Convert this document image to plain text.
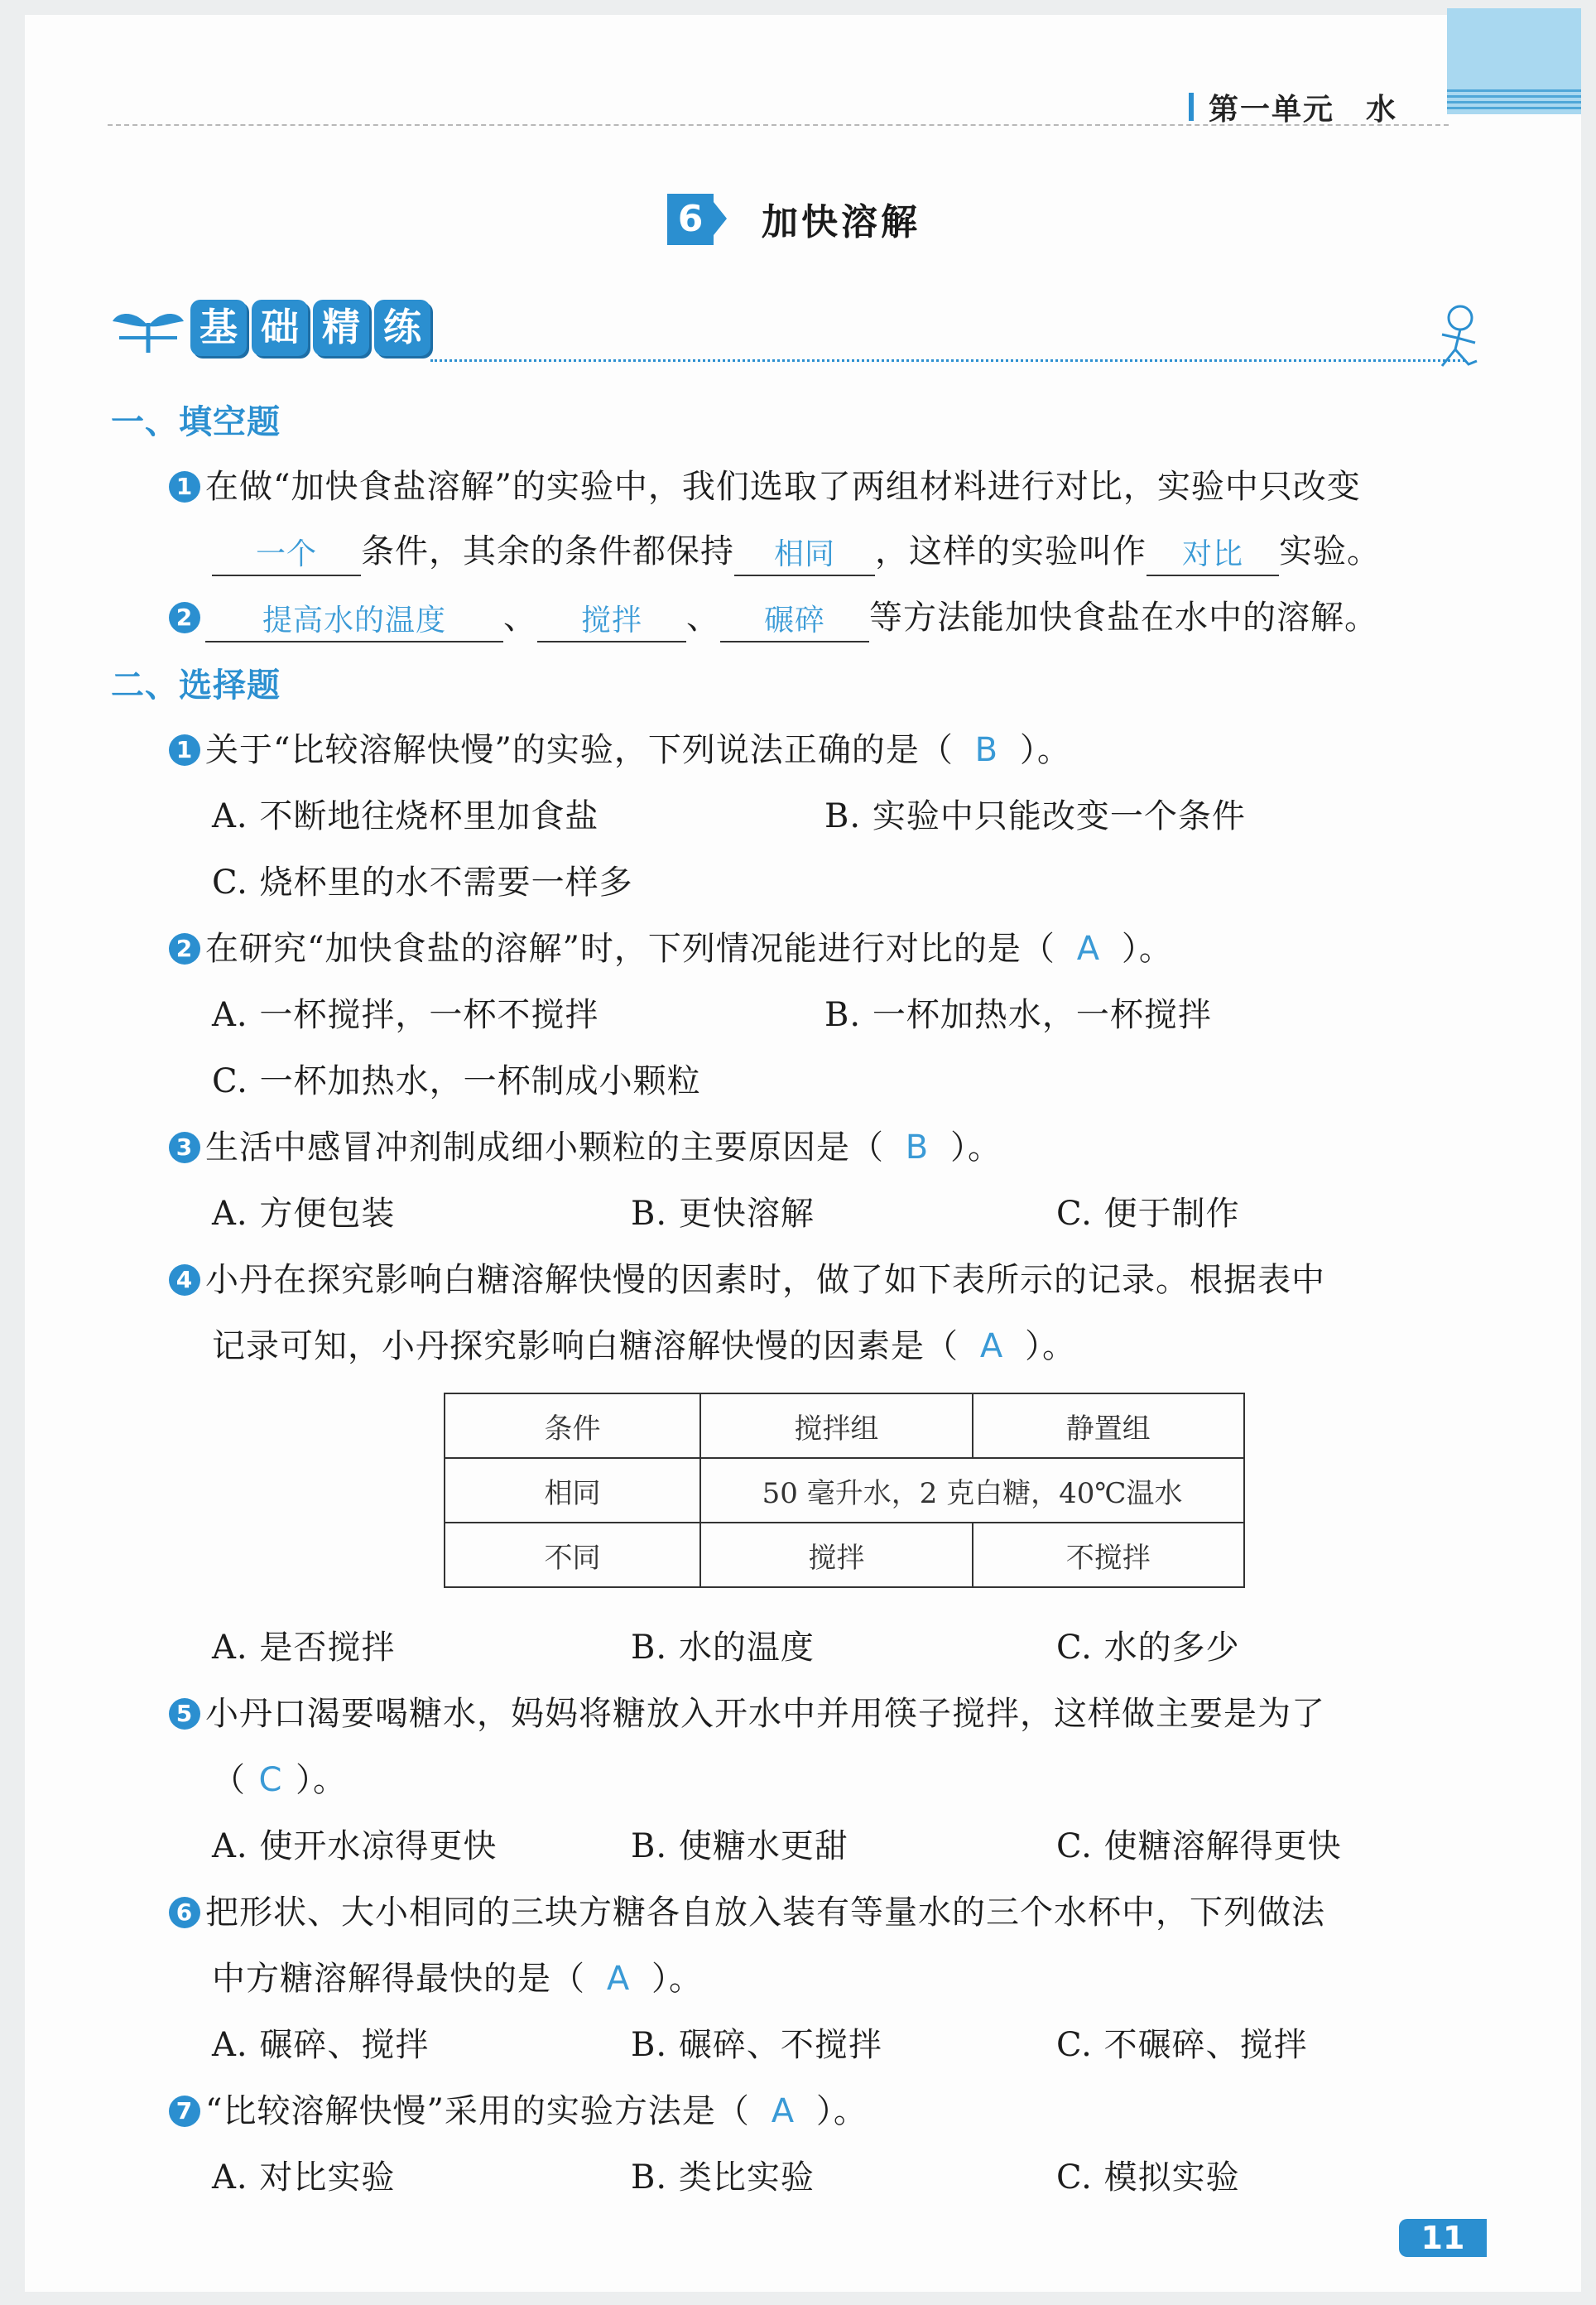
第一单元　水
6 加快溶解
基 础 精 练
一、填空题
1 在做“加快食盐溶解”的实验中，我们选取了两组材料进行对比，实验中只改变
一个 条件，其余的条件都保持 相同 ，这样的实验叫作 对比 实验。
2 提高水的温度 、 搅拌 、 碾碎 等方法能加快食盐在水中的溶解。
二、选择题
1 关于“比较溶解快慢”的实验，下列说法正确的是（ B ）。
A. 不断地往烧杯里加食盐	B. 实验中只能改变一个条件
C. 烧杯里的水不需要一样多
2 在研究“加快食盐的溶解”时，下列情况能进行对比的是（ A ）。
A. 一杯搅拌，一杯不搅拌	B. 一杯加热水，一杯搅拌
C. 一杯加热水，一杯制成小颗粒
3 生活中感冒冲剂制成细小颗粒的主要原因是（ B ）。
A. 方便包装	B. 更快溶解	C. 便于制作
4 小丹在探究影响白糖溶解快慢的因素时，做了如下表所示的记录。根据表中
记录可知，小丹探究影响白糖溶解快慢的因素是（ A ）。
条件	搅拌组	静置组
相同	50 毫升水，2 克白糖，40℃温水	
不同	搅拌	不搅拌
A. 是否搅拌	B. 水的温度	C. 水的多少
5 小丹口渴要喝糖水，妈妈将糖放入开水中并用筷子搅拌，这样做主要是为了
（ C ）。
A. 使开水凉得更快	B. 使糖水更甜	C. 使糖溶解得更快
6 把形状、大小相同的三块方糖各自放入装有等量水的三个水杯中，下列做法
中方糖溶解得最快的是（ A ）。
A. 碾碎、搅拌	B. 碾碎、不搅拌	C. 不碾碎、搅拌
7 “比较溶解快慢”采用的实验方法是（ A ）。
A. 对比实验	B. 类比实验	C. 模拟实验
11
